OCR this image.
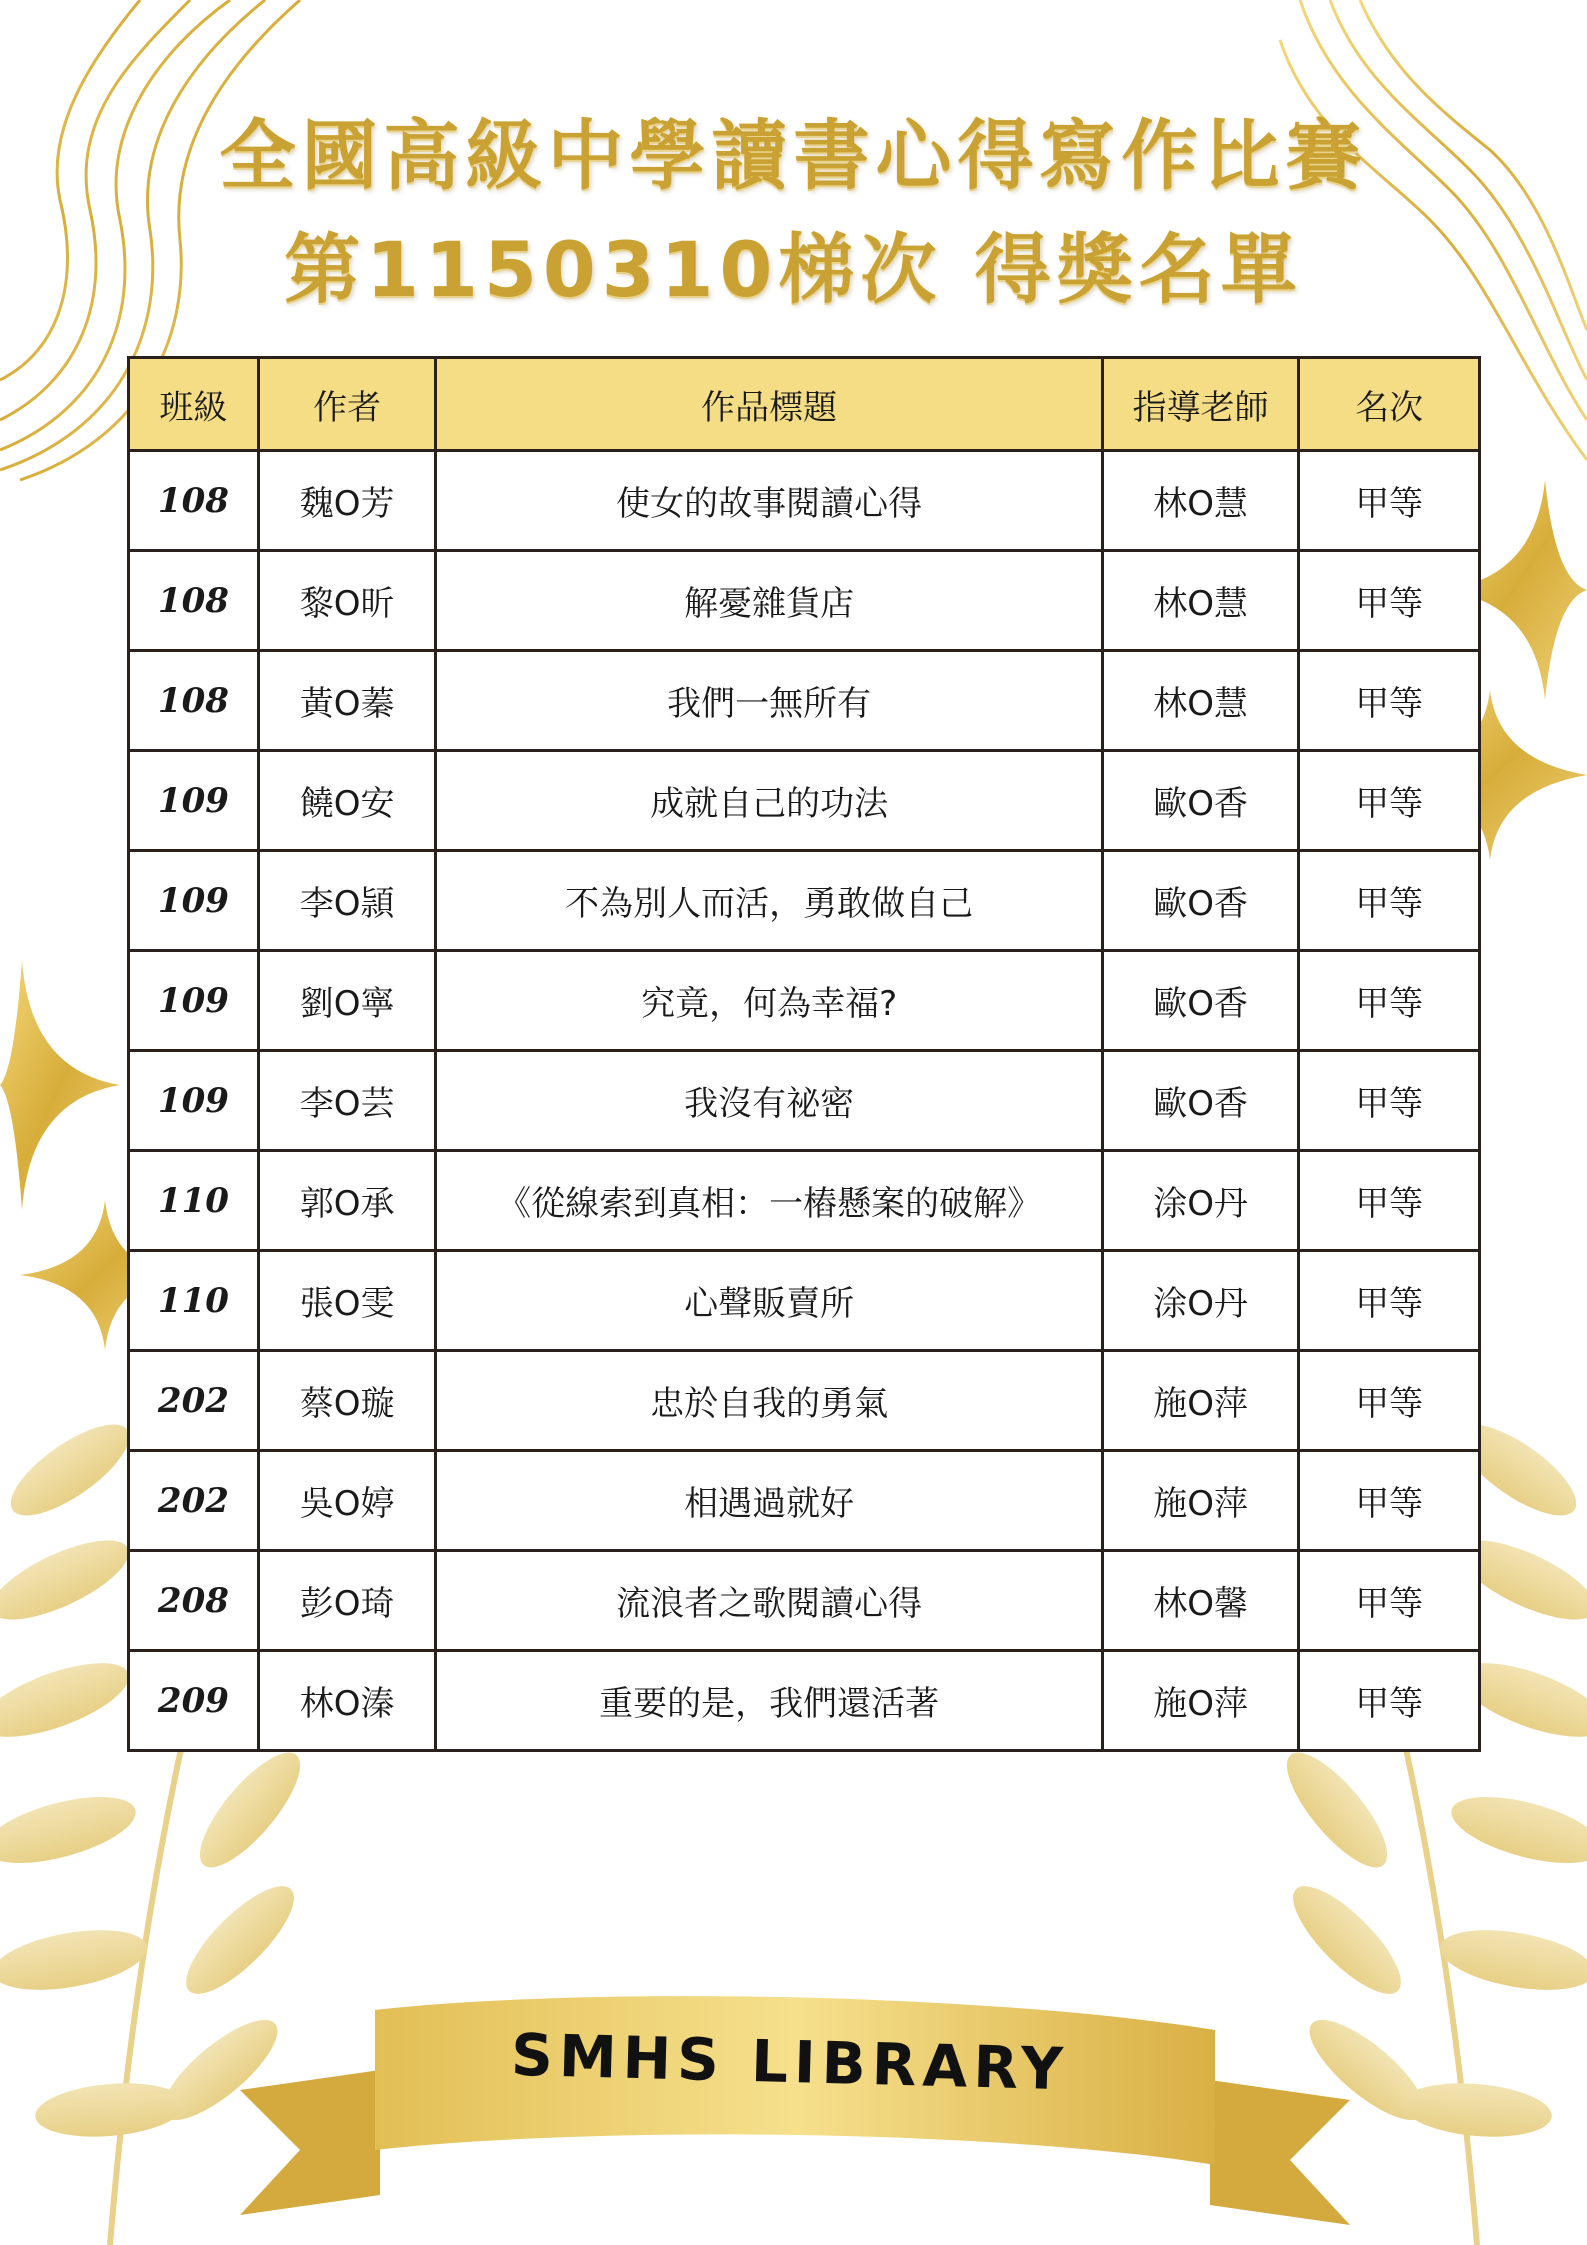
全國高級中學讀書心得寫作比賽
第1150310梯次 得獎名單
班級	作者	作品標題	指導老師	名次
108	魏O芳	使女的故事閱讀心得	林O慧	甲等
108	黎O昕	解憂雜貨店	林O慧	甲等
108	黃O蓁	我們一無所有	林O慧	甲等
109	饒O安	成就自己的功法	歐O香	甲等
109	李O頴	不為別人而活，勇敢做自己	歐O香	甲等
109	劉O寧	究竟，何為幸福?	歐O香	甲等
109	李O芸	我沒有祕密	歐O香	甲等
110	郭O承	《從線索到真相：一樁懸案的破解》	涂O丹	甲等
110	張O雯	心聲販賣所	涂O丹	甲等
202	蔡O璇	忠於自我的勇氣	施O萍	甲等
202	吳O婷	相遇過就好	施O萍	甲等
208	彭O琦	流浪者之歌閱讀心得	林O馨	甲等
209	林O溱	重要的是，我們還活著	施O萍	甲等
SMHS LIBRARY
